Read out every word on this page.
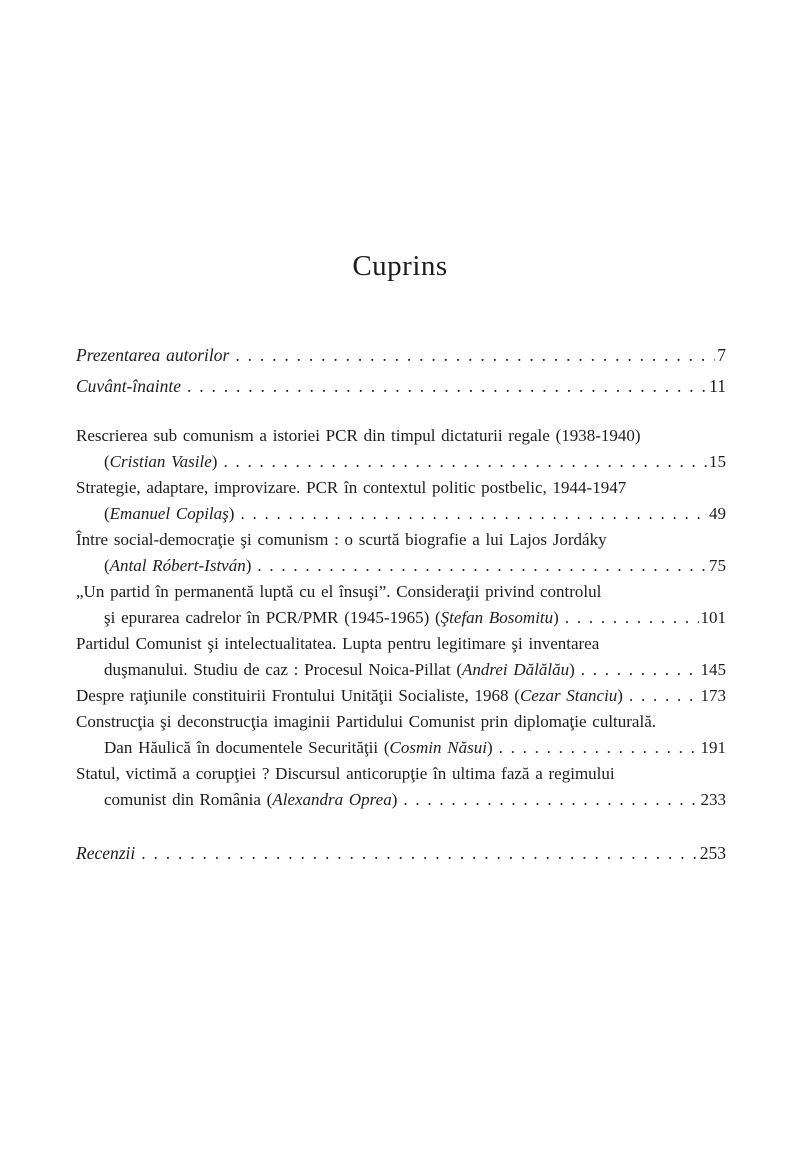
Cuprins
Prezentarea autorilor . . .	7
Cuvânt-înainte . . .	11
Rescrierea sub comunism a istoriei PCR din timpul dictaturii regale (1938-1940)
(Cristian Vasile) . . .	15
Strategie, adaptare, improvizare. PCR în contextul politic postbelic, 1944-1947
(Emanuel Copilaş) . . .	49
Între social-democraţie şi comunism : o scurtă biografie a lui Lajos Jordáky
(Antal Róbert-István) . . .	75
„Un partid în permanentă luptă cu el însuşi”. Consideraţii privind controlul
şi epurarea cadrelor în PCR/PMR (1945-1965) (Ştefan Bosomitu) . . .	101
Partidul Comunist şi intelectualitatea. Lupta pentru legitimare şi inventarea
duşmanului. Studiu de caz : Procesul Noica-Pillat (Andrei Dălălău) . . .	145
Despre raţiunile constituirii Frontului Unităţii Socialiste, 1968 (Cezar Stanciu) . . .	173
Construcţia şi deconstrucţia imaginii Partidului Comunist prin diplomaţie culturală.
Dan Hăulică în documentele Securităţii (Cosmin Năsui) . . .	191
Statul, victimă a corupţiei ? Discursul anticorupţie în ultima fază a regimului
comunist din România (Alexandra Oprea) . . .	233
Recenzii . . .	253
